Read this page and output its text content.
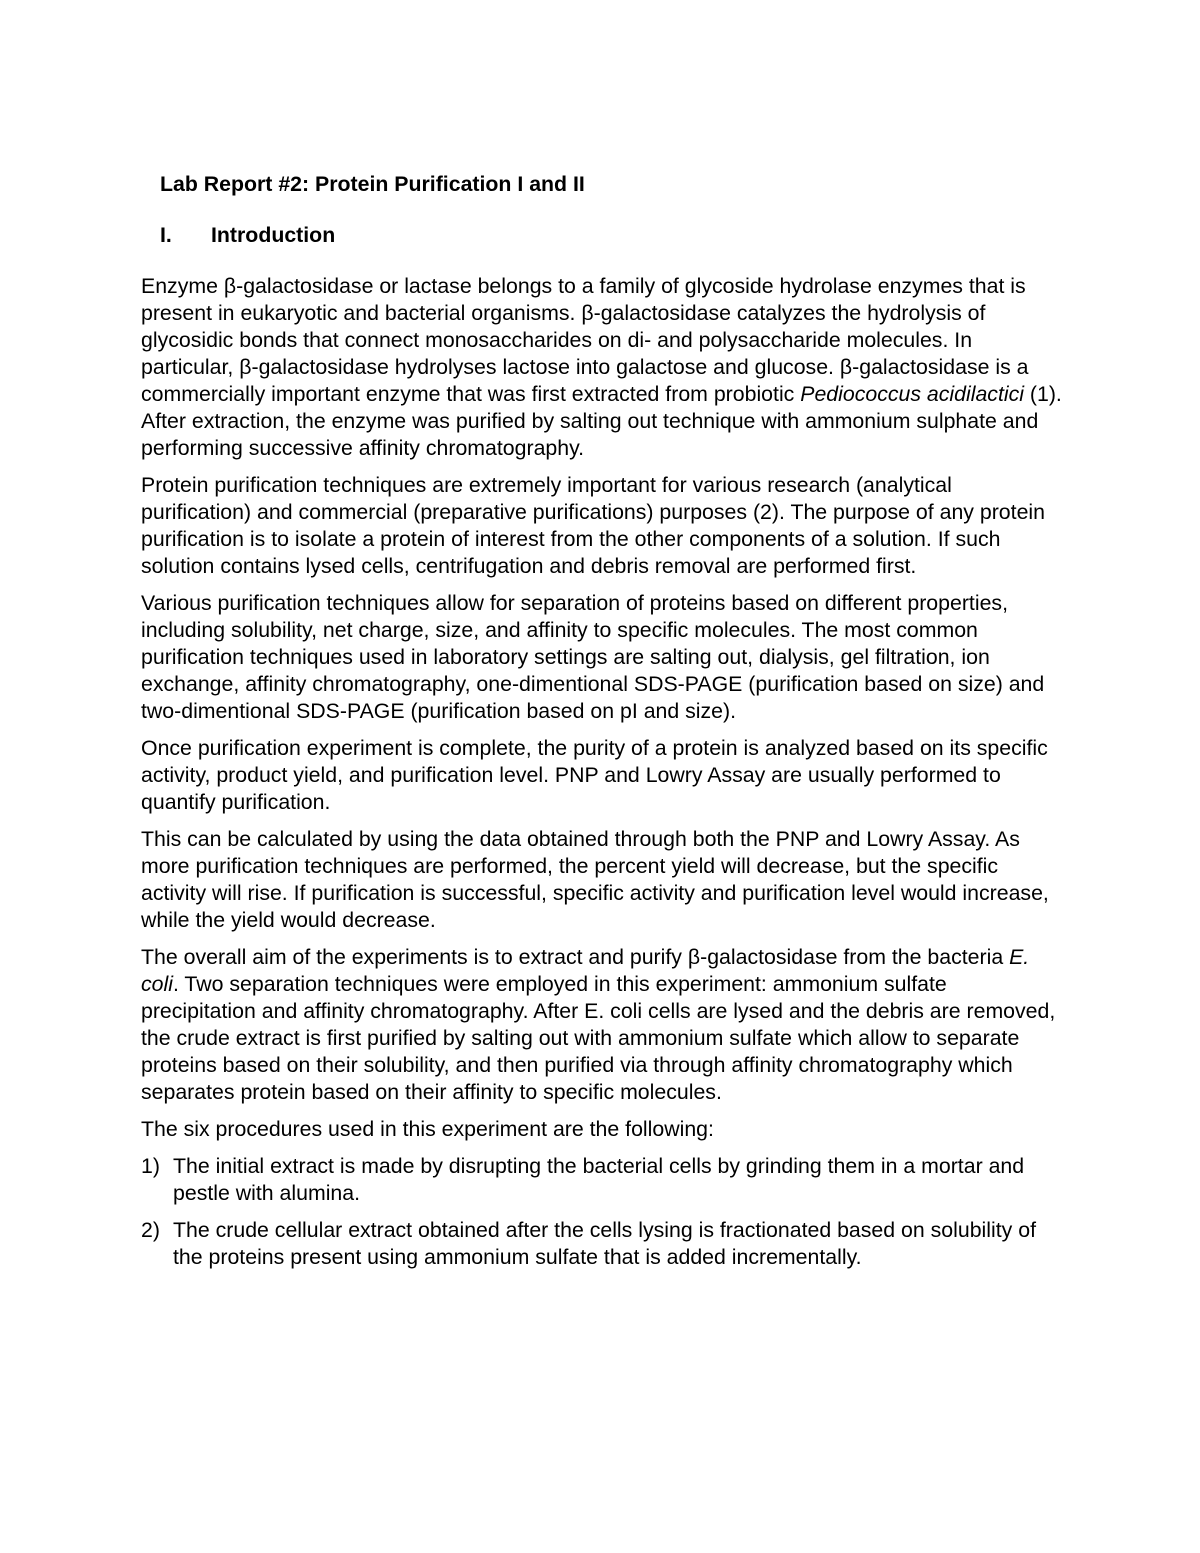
Lab Report #2: Protein Purification I and II
I.	Introduction

Enzyme β-galactosidase or lactase belongs to a family of glycoside hydrolase enzymes that is present in eukaryotic and bacterial organisms. β-galactosidase catalyzes the hydrolysis of glycosidic bonds that connect monosaccharides on di- and polysaccharide molecules. In particular, β-galactosidase hydrolyses lactose into galactose and glucose. β-galactosidase is a commercially important enzyme that was first extracted from probiotic Pediococcus acidilactici (1). After extraction, the enzyme was purified by salting out technique with ammonium sulphate and performing successive affinity chromatography.

Protein purification techniques are extremely important for various research (analytical purification) and commercial (preparative purifications) purposes (2). The purpose of any protein purification is to isolate a protein of interest from the other components of a solution. If such solution contains lysed cells, centrifugation and debris removal are performed first.

Various purification techniques allow for separation of proteins based on different properties, including solubility, net charge, size, and affinity to specific molecules. The most common purification techniques used in laboratory settings are salting out, dialysis, gel filtration, ion exchange, affinity chromatography, one-dimentional SDS-PAGE (purification based on size) and two-dimentional SDS-PAGE (purification based on pI and size).

Once purification experiment is complete, the purity of a protein is analyzed based on its specific activity, product yield, and purification level. PNP and Lowry Assay are usually performed to quantify purification.

This can be calculated by using the data obtained through both the PNP and Lowry Assay. As more purification techniques are performed, the percent yield will decrease, but the specific activity will rise. If purification is successful, specific activity and purification level would increase, while the yield would decrease.

The overall aim of the experiments is to extract and purify β-galactosidase from the bacteria E. coli. Two separation techniques were employed in this experiment: ammonium sulfate precipitation and affinity chromatography. After E. coli cells are lysed and the debris are removed, the crude extract is first purified by salting out with ammonium sulfate which allow to separate proteins based on their solubility, and then purified via through affinity chromatography which separates protein based on their affinity to specific molecules.

The six procedures used in this experiment are the following:

1) The initial extract is made by disrupting the bacterial cells by grinding them in a mortar and pestle with alumina.
2) The crude cellular extract obtained after the cells lysing is fractionated based on solubility of the proteins present using ammonium sulfate that is added incrementally.
